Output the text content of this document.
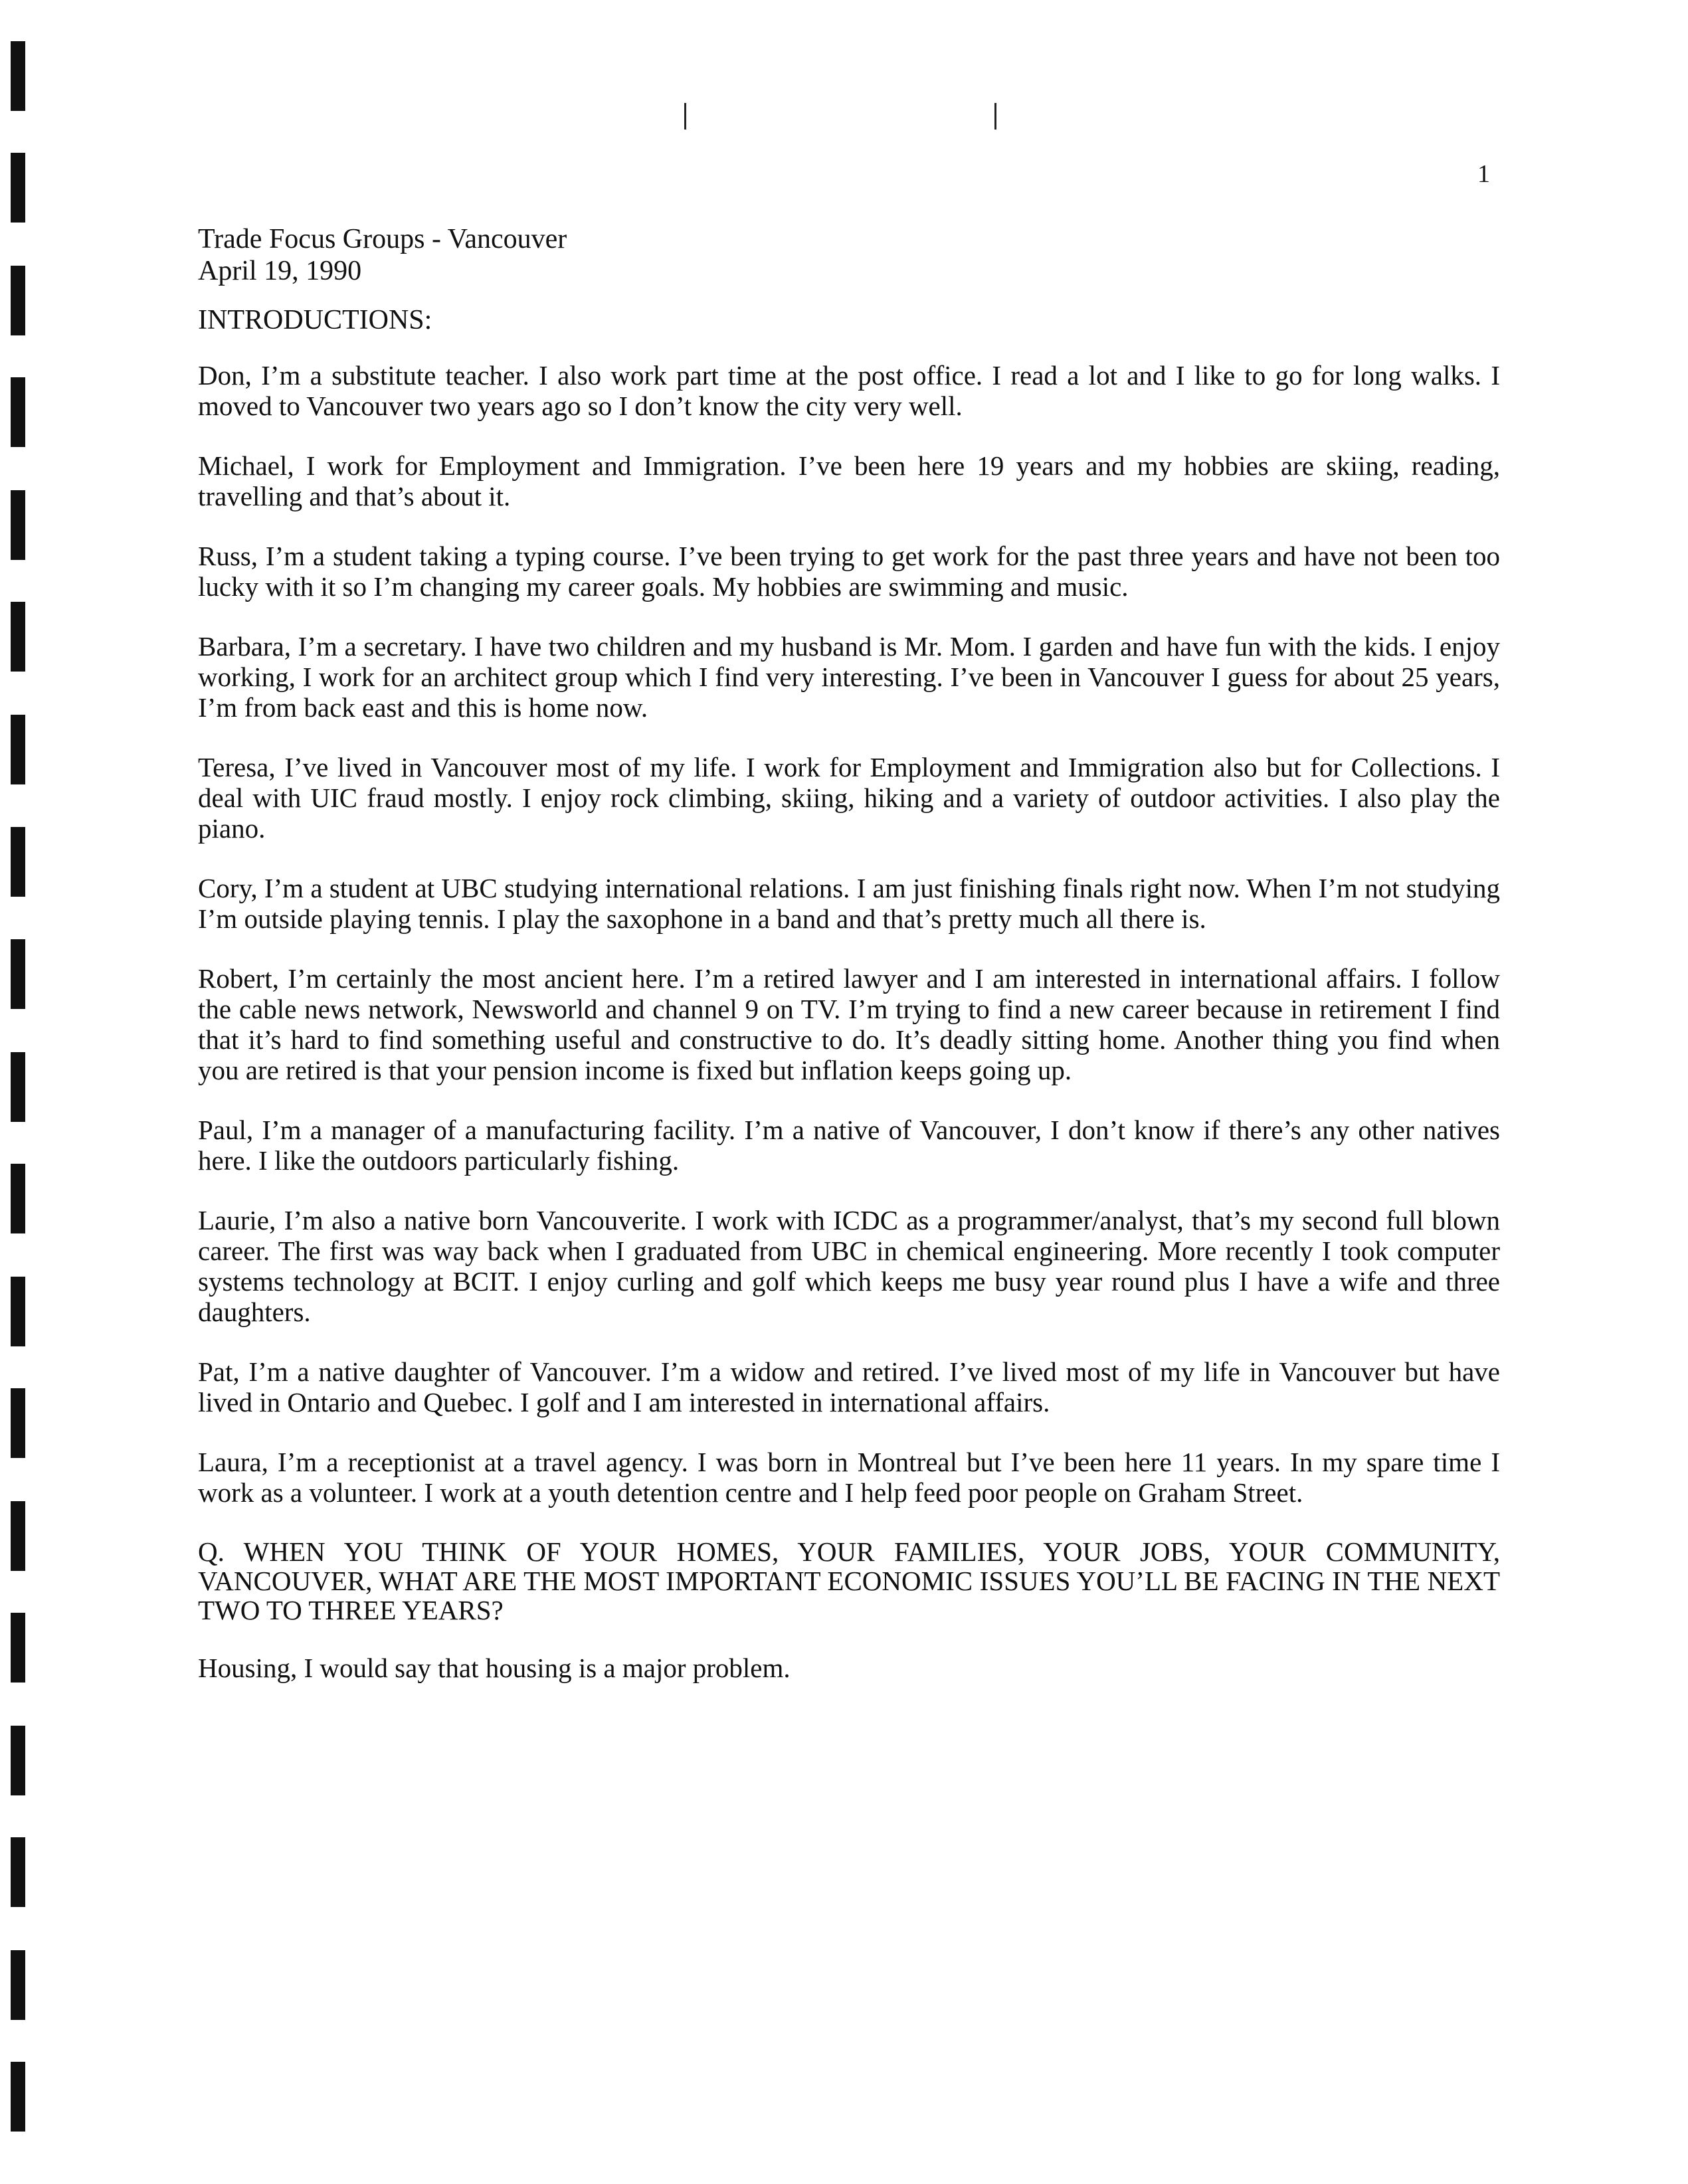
1

Trade Focus Groups - Vancouver

April 19, 1990

INTRODUCTIONS:

Don, I’m a substitute teacher. I also work part time at the post office. I read a lot and I like to go for long walks. I moved to Vancouver two years ago so I don’t know the city very well.

Michael, I work for Employment and Immigration. I’ve been here 19 years and my hobbies are skiing, reading, travelling and that’s about it.

Russ, I’m a student taking a typing course. I’ve been trying to get work for the past three years and have not been too lucky with it so I’m changing my career goals. My hobbies are swimming and music.

Barbara, I’m a secretary. I have two children and my husband is Mr. Mom. I garden and have fun with the kids. I enjoy working, I work for an architect group which I find very interesting. I’ve been in Vancouver I guess for about 25 years, I’m from back east and this is home now.

Teresa, I’ve lived in Vancouver most of my life. I work for Employment and Immigration also but for Collections. I deal with UIC fraud mostly. I enjoy rock climbing, skiing, hiking and a variety of outdoor activities. I also play the piano.

Cory, I’m a student at UBC studying international relations. I am just finishing finals right now. When I’m not studying I’m outside playing tennis. I play the saxophone in a band and that’s pretty much all there is.

Robert, I’m certainly the most ancient here. I’m a retired lawyer and I am interested in international affairs. I follow the cable news network, Newsworld and channel 9 on TV. I’m trying to find a new career because in retirement I find that it’s hard to find something useful and constructive to do. It’s deadly sitting home. Another thing you find when you are retired is that your pension income is fixed but inflation keeps going up.

Paul, I’m a manager of a manufacturing facility. I’m a native of Vancouver, I don’t know if there’s any other natives here. I like the outdoors particularly fishing.

Laurie, I’m also a native born Vancouverite. I work with ICDC as a programmer/analyst, that’s my second full blown career. The first was way back when I graduated from UBC in chemical engineering. More recently I took computer systems technology at BCIT. I enjoy curling and golf which keeps me busy year round plus I have a wife and three daughters.

Pat, I’m a native daughter of Vancouver. I’m a widow and retired. I’ve lived most of my life in Vancouver but have lived in Ontario and Quebec. I golf and I am interested in international affairs.

Laura, I’m a receptionist at a travel agency. I was born in Montreal but I’ve been here 11 years. In my spare time I work as a volunteer. I work at a youth detention centre and I help feed poor people on Graham Street.

Q. WHEN YOU THINK OF YOUR HOMES, YOUR FAMILIES, YOUR JOBS, YOUR COMMUNITY, VANCOUVER, WHAT ARE THE MOST IMPORTANT ECONOMIC ISSUES YOU’LL BE FACING IN THE NEXT TWO TO THREE YEARS?

Housing, I would say that housing is a major problem.
